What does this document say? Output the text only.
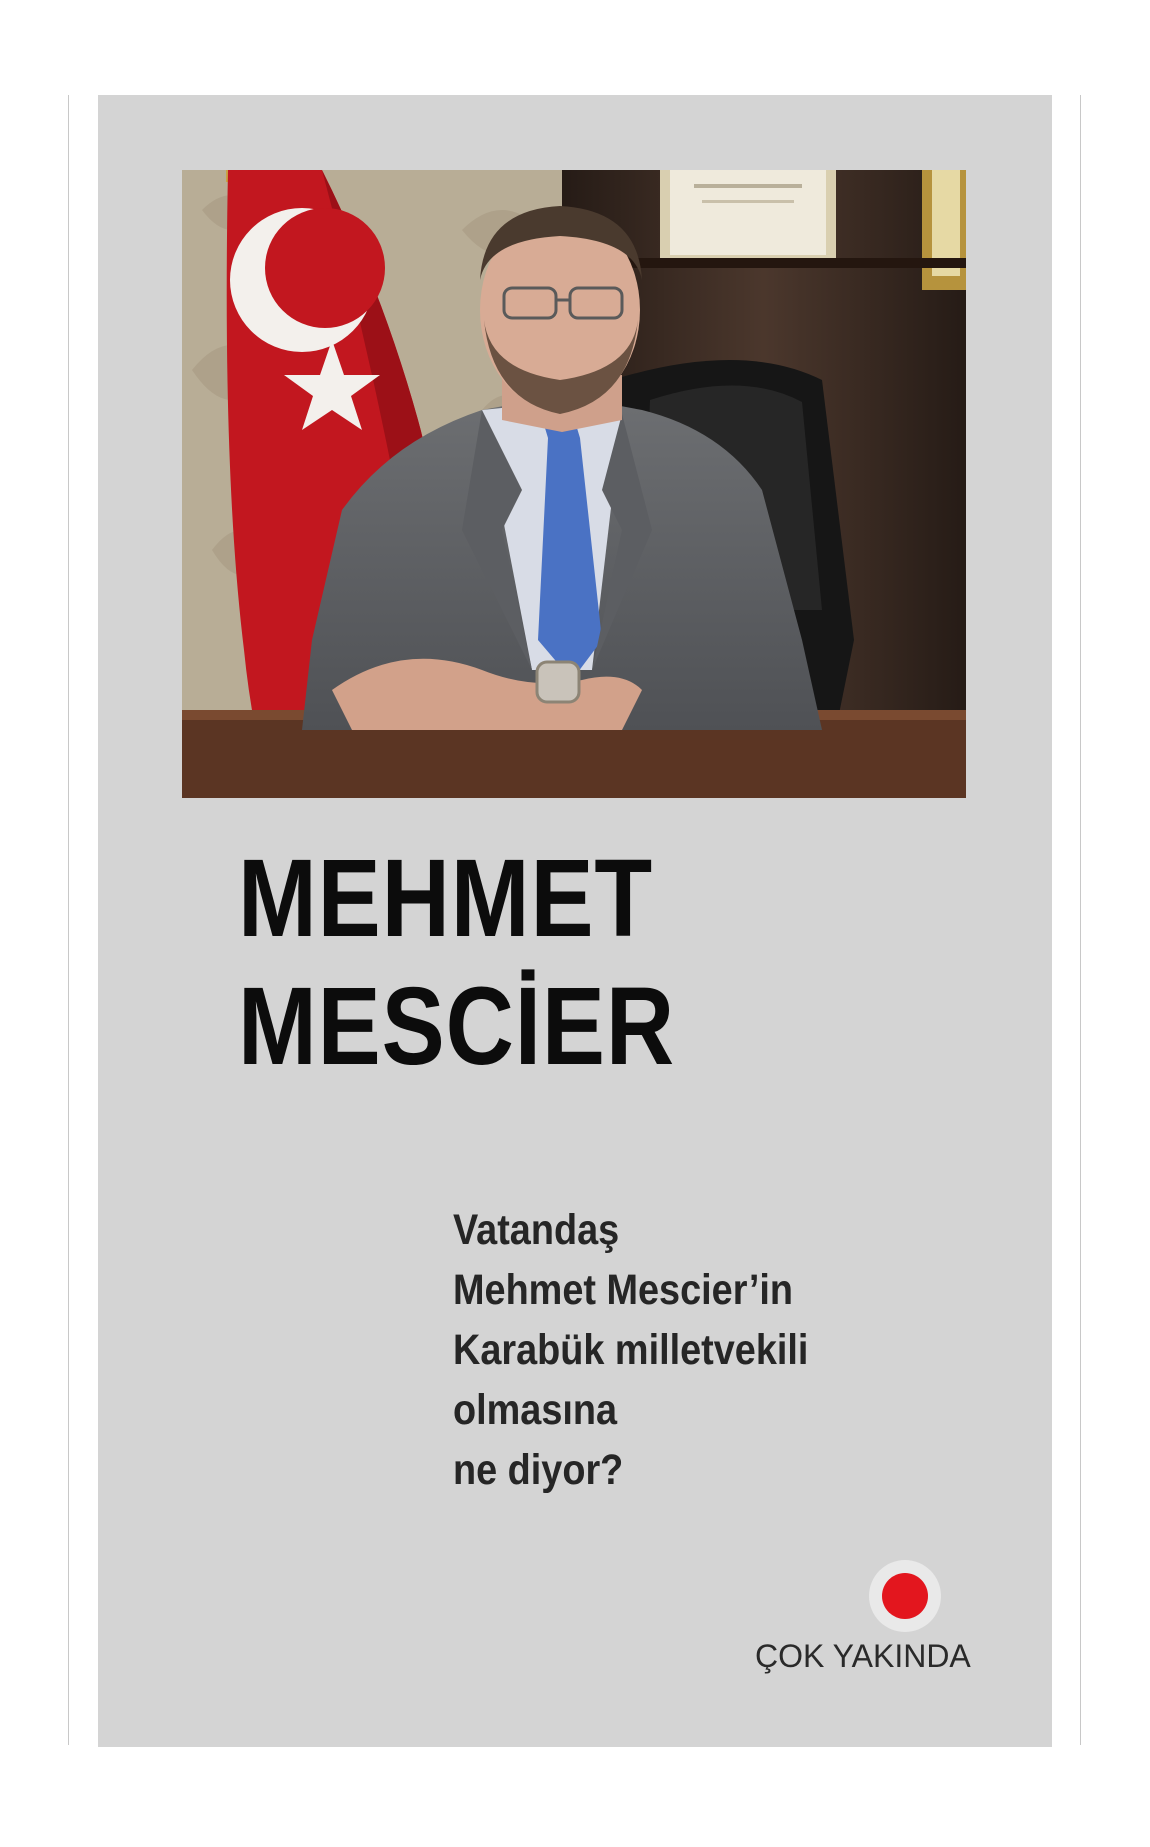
MEHMET
MESCİER

Vatandaş
Mehmet Mescier’in
Karabük milletvekili
olmasına
ne diyor?

ÇOK YAKINDA
